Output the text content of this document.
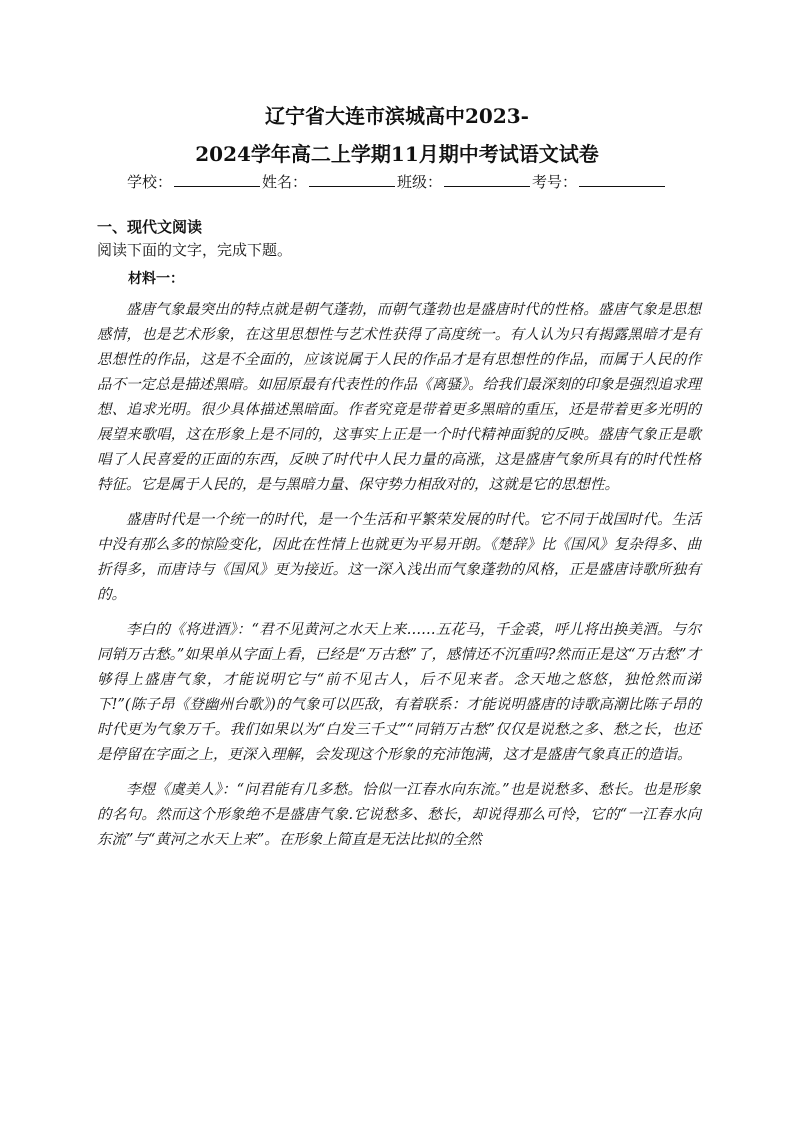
辽宁省大连市滨城高中2023-
2024学年高二上学期11月期中考试语文试卷
学校：	姓名：	班级：	考号：
一、现代文阅读
阅读下面的文字，完成下题。
材料一：

盛唐气象最突出的特点就是朝气蓬勃，而朝气蓬勃也是盛唐时代的性格。盛唐气象是思想感情，也是艺术形象，在这里思想性与艺术性获得了高度统一。有人认为只有揭露黑暗才是有思想性的作品，这是不全面的，应该说属于人民的作品才是有思想性的作品，而属于人民的作品不一定总是描述黑暗。如屈原最有代表性的作品《离骚》。给我们最深刻的印象是强烈追求理想、追求光明。很少具体描述黑暗面。作者究竟是带着更多黑暗的重压，还是带着更多光明的展望来歌唱，这在形象上是不同的，这事实上正是一个时代精神面貌的反映。盛唐气象正是歌唱了人民喜爱的正面的东西，反映了时代中人民力量的高涨，这是盛唐气象所具有的时代性格特征。它是属于人民的，是与黑暗力量、保守势力相敌对的，这就是它的思想性。

盛唐时代是一个统一的时代，是一个生活和平繁荣发展的时代。它不同于战国时代。生活中没有那么多的惊险变化，因此在性情上也就更为平易开朗。《楚辞》比《国风》复杂得多、曲折得多，而唐诗与《国风》更为接近。这一深入浅出而气象蓬勃的风格，正是盛唐诗歌所独有的。

李白的《将进酒》：“君不见黄河之水天上来……五花马，千金裘，呼儿将出换美酒。与尔同销万古愁。”如果单从字面上看，已经是“万古愁”了，感情还不沉重吗?然而正是这“万古愁”才够得上盛唐气象，才能说明它与“前不见古人，后不见来者。念天地之悠悠，独怆然而涕下!”(陈子昂《登幽州台歌》)的气象可以匹敌，有着联系：才能说明盛唐的诗歌高潮比陈子昂的时代更为气象万千。我们如果以为“白发三千丈”“同销万古愁”仅仅是说愁之多、愁之长，也还是停留在字面之上，更深入理解，会发现这个形象的充沛饱满，这才是盛唐气象真正的造诣。

李煜《虞美人》：“问君能有几多愁。恰似一江春水向东流。”也是说愁多、愁长。也是形象的名句。然而这个形象绝不是盛唐气象.它说愁多、愁长，却说得那么可怜，它的“一江春水向东流”与“黄河之水天上来”。在形象上简直是无法比拟的全然
